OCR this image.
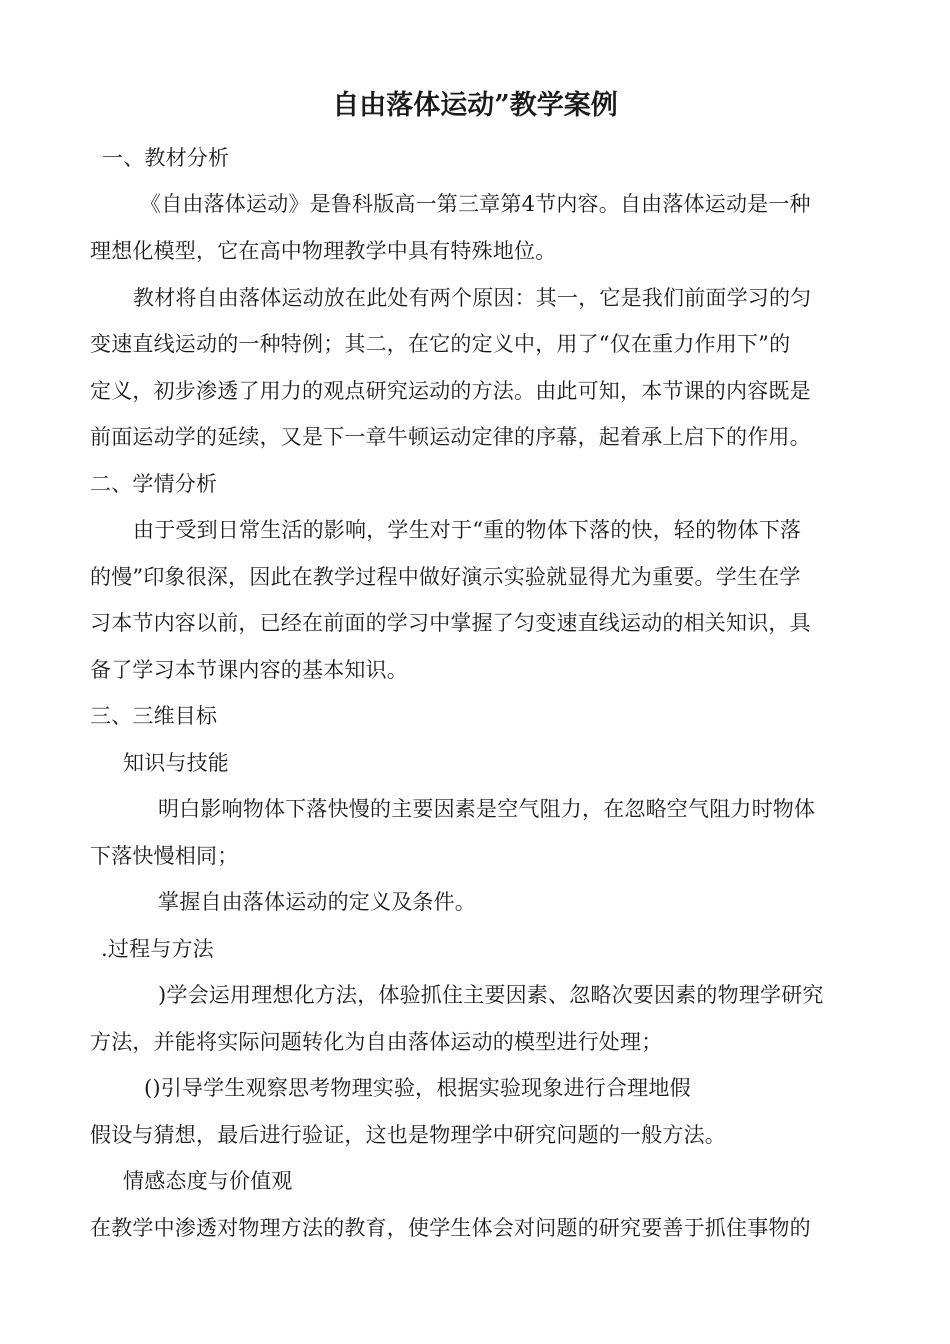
自由落体运动”教学案例

一、教材分析

《自由落体运动》是鲁科版高一第三章第4节内容。自由落体运动是一种

理想化模型，它在高中物理教学中具有特殊地位。

教材将自由落体运动放在此处有两个原因：其一，它是我们前面学习的匀

变速直线运动的一种特例；其二，在它的定义中，用了“仅在重力作用下”的

定义，初步渗透了用力的观点研究运动的方法。由此可知，本节课的内容既是

前面运动学的延续，又是下一章牛顿运动定律的序幕，起着承上启下的作用。

二、学情分析

由于受到日常生活的影响，学生对于“重的物体下落的快，轻的物体下落

的慢”印象很深，因此在教学过程中做好演示实验就显得尤为重要。学生在学

习本节内容以前，已经在前面的学习中掌握了匀变速直线运动的相关知识，具

备了学习本节课内容的基本知识。

三、三维目标

知识与技能

明白影响物体下落快慢的主要因素是空气阻力，在忽略空气阻力时物体

下落快慢相同；

掌握自由落体运动的定义及条件。

.过程与方法

)学会运用理想化方法，体验抓住主要因素、忽略次要因素的物理学研究

方法，并能将实际问题转化为自由落体运动的模型进行处理；

()引导学生观察思考物理实验，根据实验现象进行合理地假

假设与猜想，最后进行验证，这也是物理学中研究问题的一般方法。

情感态度与价值观

在教学中渗透对物理方法的教育，使学生体会对问题的研究要善于抓住事物的
